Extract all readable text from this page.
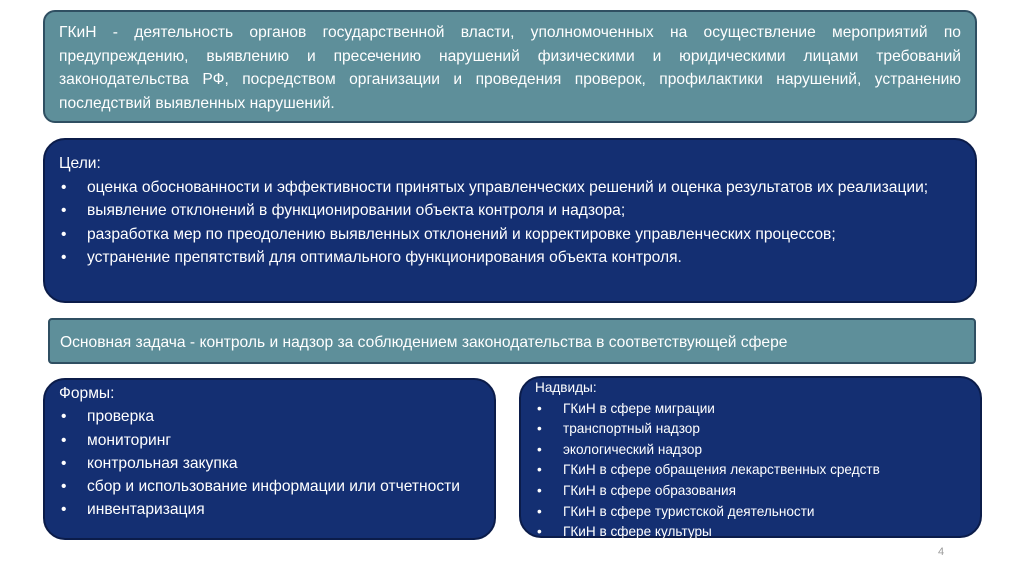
ГКиН - деятельность органов государственной власти, уполномоченных на осуществление мероприятий по предупреждению, выявлению и пресечению нарушений физическими и юридическими лицами требований законодательства РФ, посредством организации и проведения проверок, профилактики нарушений, устранению последствий выявленных нарушений.
Цели:
• оценка обоснованности и эффективности принятых управленческих решений и оценка результатов их реализации;
• выявление отклонений в функционировании объекта контроля и надзора;
• разработка мер по преодолению выявленных отклонений и корректировке управленческих процессов;
• устранение препятствий для оптимального функционирования объекта контроля.
Основная задача - контроль и надзор за соблюдением законодательства в соответствующей сфере
Формы:
• проверка
• мониторинг
• контрольная закупка
• сбор и использование информации или отчетности
• инвентаризация
Надвиды:
• ГКиН в сфере миграции
• транспортный надзор
• экологический надзор
• ГКиН в сфере обращения лекарственных средств
• ГКиН в сфере образования
• ГКиН в сфере туристской деятельности
• ГКиН в сфере культуры
4
